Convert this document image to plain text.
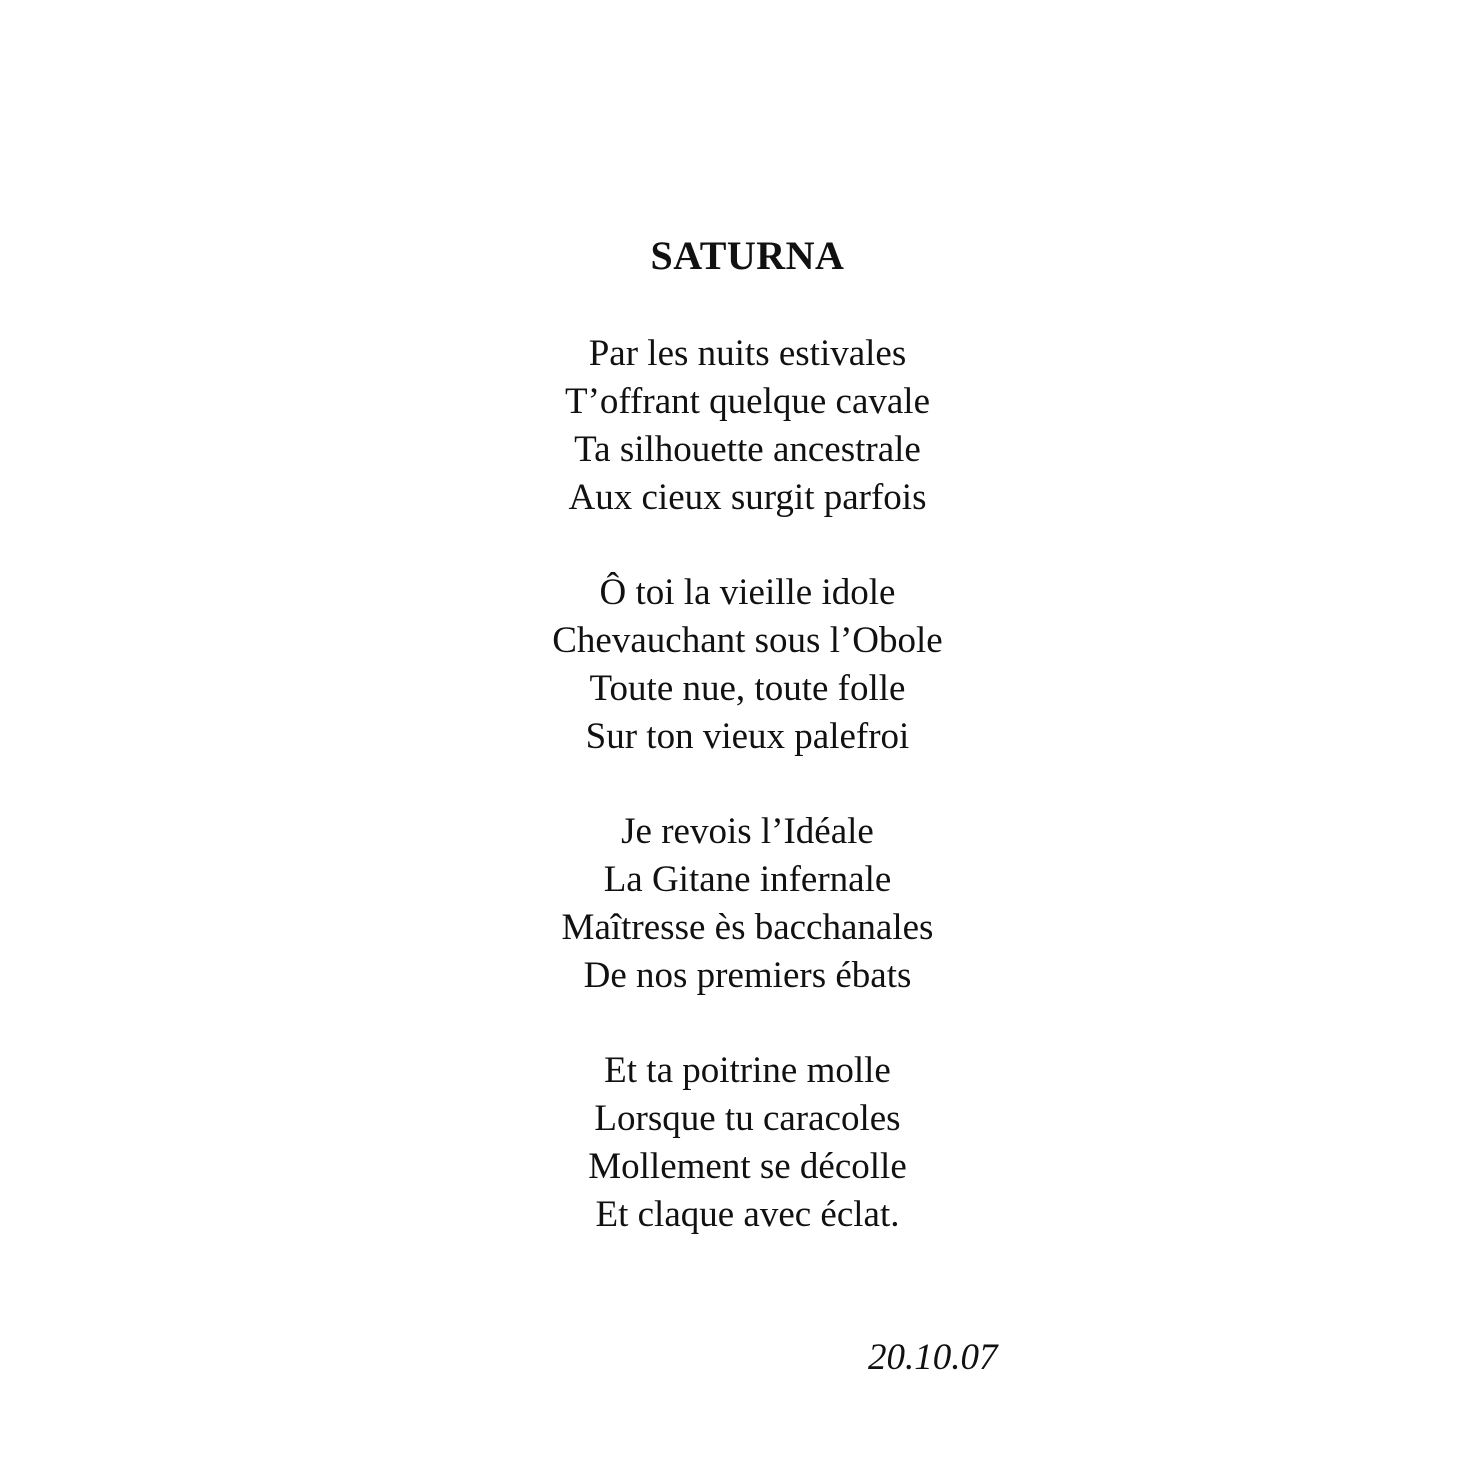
SATURNA
Par les nuits estivales
T’offrant quelque cavale
Ta silhouette ancestrale
Aux cieux surgit parfois
Ô toi la vieille idole
Chevauchant sous l’Obole
Toute nue, toute folle
Sur ton vieux palefroi
Je revois l’Idéale
La Gitane infernale
Maîtresse ès bacchanales
De nos premiers ébats
Et ta poitrine molle
Lorsque tu caracoles
Mollement se décolle
Et claque avec éclat.
20.10.07
